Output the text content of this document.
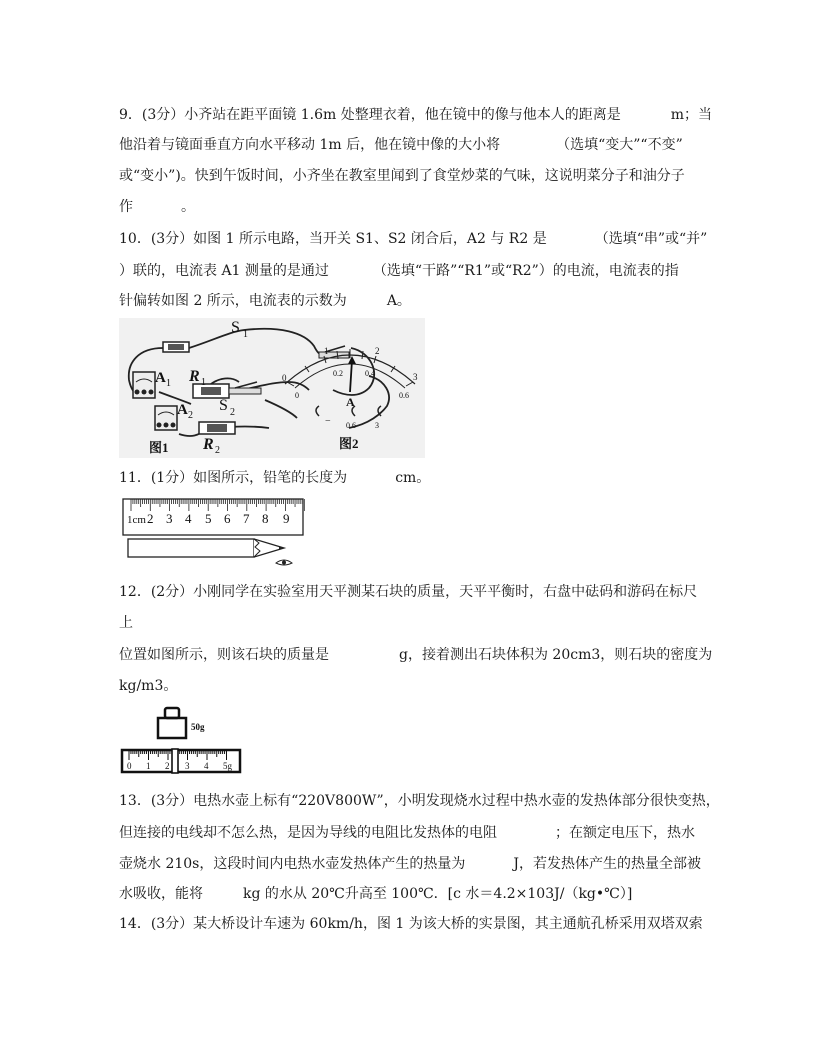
9．(3分）小齐站在距平面镜 1.6m 处整理衣着，他在镜中的像与他本人的距离是	m；当
他沿着与镜面垂直方向水平移动 1m 后，他在镜中像的大小将	（选填“变大”“不变”
或“变小”)。快到午饭时间，小齐坐在教室里闻到了食堂炒菜的气味，这说明菜分子和油分子
作	。
10．(3分）如图 1 所示电路，当开关 S1、S2 闭合后，A2 与 R2 是	（选填“串”或“并”
）联的，电流表 A1 测量的是通过	（选填“干路”“R1”或“R2”）的电流，电流表的指
针偏转如图 2 所示，电流表的示数为	A。
S 1
A 1 R 1
S 2
A 2
R 2
图1
0
1	2
3
0
0.2	0.4
0.6
A
− 0.6 3
图2
11．(1分）如图所示，铅笔的长度为	cm。
1cm 2 3 4 5 6 7 8 9
12．(2分）小刚同学在实验室用天平测某石块的质量，天平平衡时，右盘中砝码和游码在标尺
上
位置如图所示，则该石块的质量是	g，接着测出石块体积为 20cm3，则石块的密度为
kg/m3。
50g
0 1 2 3 4 5g
13．(3分）电热水壶上标有“220V800W”，小明发现烧水过程中热水壶的发热体部分很快变热，
但连接的电线却不怎么热，是因为导线的电阻比发热体的电阻	；在额定电压下，热水
壶烧水 210s，这段时间内电热水壶发热体产生的热量为	J，若发热体产生的热量全部被
水吸收，能将	kg 的水从 20℃升高至 100℃．[c 水＝4.2×103J/（kg•℃）]
14．(3分）某大桥设计车速为 60km/h，图 1 为该大桥的实景图，其主通航孔桥采用双塔双索
